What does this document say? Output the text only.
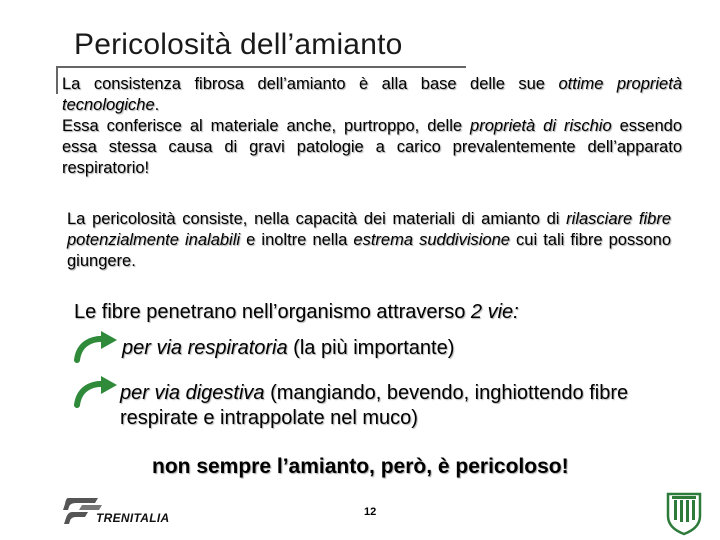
Pericolosità dell’amianto
La consistenza fibrosa dell’amianto è alla base delle sue ottime proprietà tecnologiche.
Essa conferisce al materiale anche, purtroppo, delle proprietà di rischio essendo essa stessa causa di gravi patologie a carico prevalentemente dell’apparato respiratorio!
La pericolosità consiste, nella capacità dei materiali di amianto di rilasciare fibre potenzialmente inalabili e inoltre nella estrema suddivisione cui tali fibre possono giungere.
Le fibre penetrano nell’organismo attraverso 2 vie:
per via respiratoria (la più importante)
per via digestiva (mangiando, bevendo, inghiottendo fibre respirate e intrappolate nel muco)
non sempre l’amianto, però, è pericoloso!
TRENITALIA	12
